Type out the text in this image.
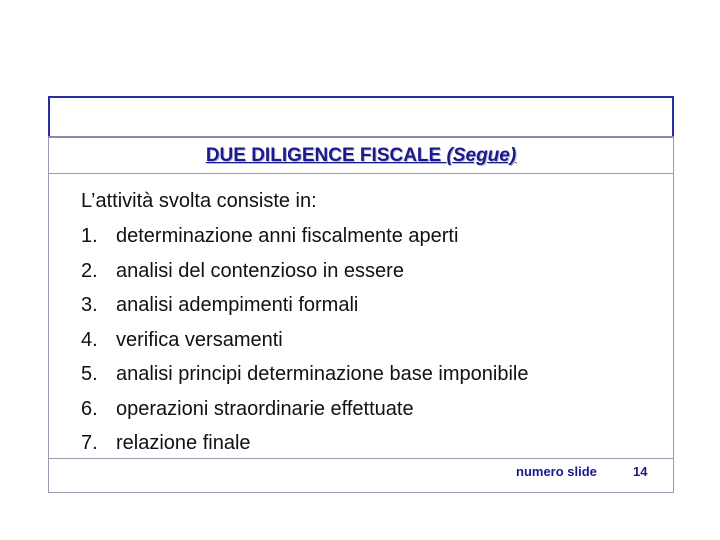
DUE DILIGENCE FISCALE (Segue)
L’attività svolta consiste in:
1. determinazione anni fiscalmente aperti
2. analisi del contenzioso in essere
3. analisi adempimenti formali
4. verifica versamenti
5. analisi principi determinazione base imponibile
6. operazioni straordinarie effettuate
7. relazione finale
numero slide	14
